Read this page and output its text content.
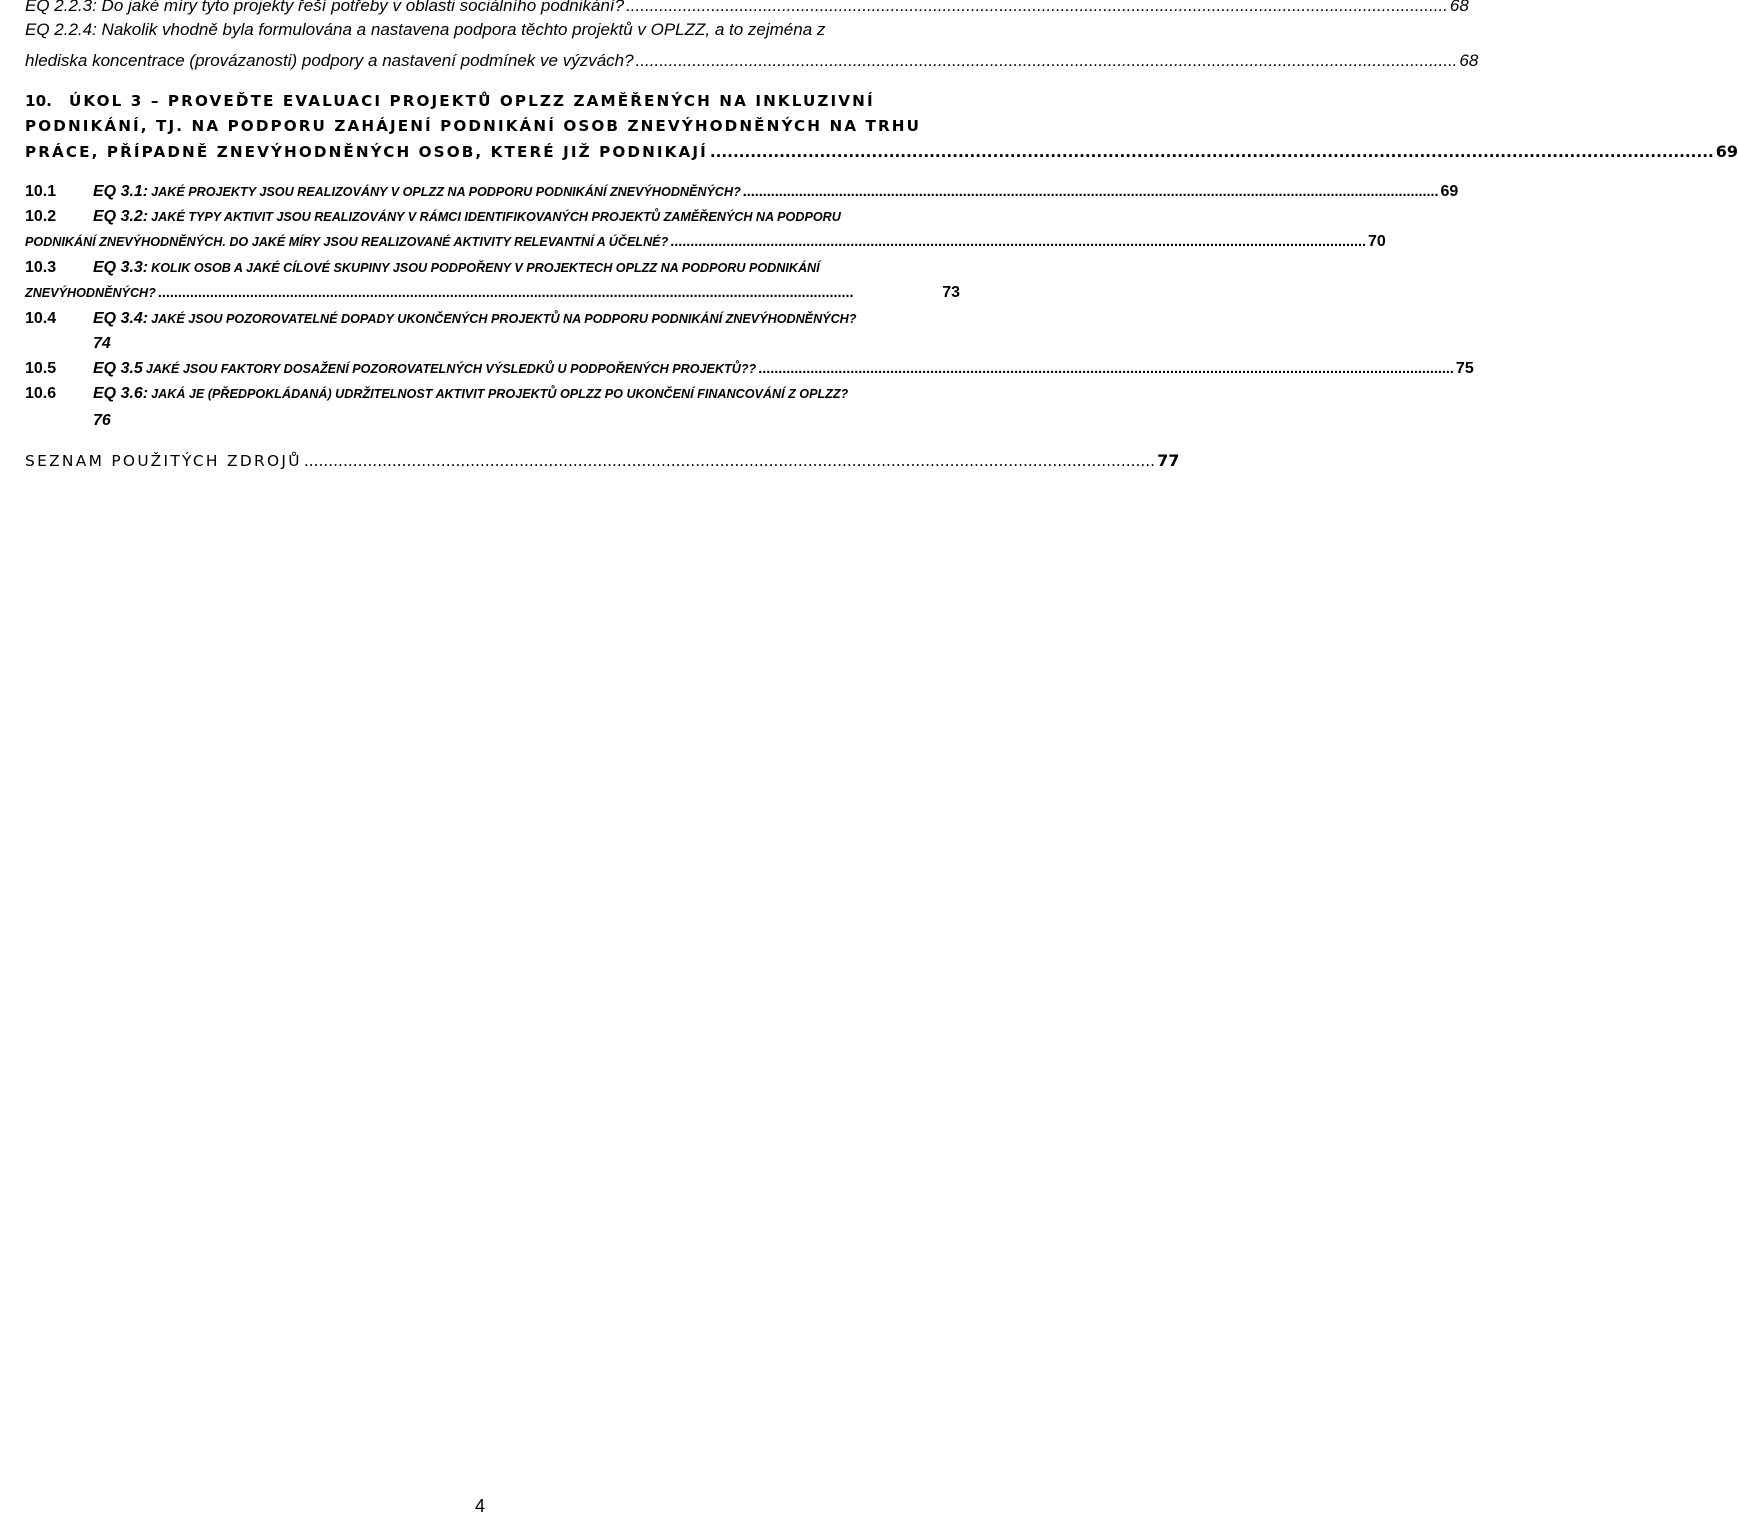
EQ 2.2.3: Do jaké míry tyto projekty řeší potřeby v oblasti sociálního podnikání? .............................................................................................................................................................................. 68
EQ 2.2.4: Nakolik vhodně byla formulována a nastavena podpora těchto projektů v OPLZZ, a to zejména z
hlediska koncentrace (provázanosti) podpory a nastavení podmínek ve výzvách? .............................................................................................................................................................................. 68
10. ÚKOL 3 – PROVEĎTE EVALUACI PROJEKTŮ OPLZZ ZAMĚŘENÝCH NA INKLUZIVNÍ
PODNIKÁNÍ, TJ. NA PODPORU ZAHÁJENÍ PODNIKÁNÍ OSOB ZNEVÝHODNĚNÝCH NA TRHU
PRÁCE, PŘÍPADNĚ ZNEVÝHODNĚNÝCH OSOB, KTERÉ JIŽ PODNIKAJÍ .............................................................................................................................................................................. 69
10.1 EQ 3.1: JAKÉ PROJEKTY JSOU REALIZOVÁNY V OPLZZ NA PODPORU PODNIKÁNÍ ZNEVÝHODNĚNÝCH? .............................................................................................................................................................................. 69
10.2 EQ 3.2: JAKÉ TYPY AKTIVIT JSOU REALIZOVÁNY V RÁMCI IDENTIFIKOVANÝCH PROJEKTŮ ZAMĚŘENÝCH NA PODPORU
PODNIKÁNÍ ZNEVÝHODNĚNÝCH. DO JAKÉ MÍRY JSOU REALIZOVANÉ AKTIVITY RELEVANTNÍ A ÚČELNÉ? .............................................................................................................................................................................. 70
10.3 EQ 3.3: KOLIK OSOB A JAKÉ CÍLOVÉ SKUPINY JSOU PODPOŘENY V PROJEKTECH OPLZZ NA PODPORU PODNIKÁNÍ
ZNEVÝHODNĚNÝCH? ..............................................................................................................................................................................	73
10.4 EQ 3.4: JAKÉ JSOU POZOROVATELNÉ DOPADY UKONČENÝCH PROJEKTŮ NA PODPORU PODNIKÁNÍ ZNEVÝHODNĚNÝCH?
74
10.5 EQ 3.5 JAKÉ JSOU FAKTORY DOSAŽENÍ POZOROVATELNÝCH VÝSLEDKŮ U PODPOŘENÝCH PROJEKTŮ?? .............................................................................................................................................................................. 75
10.6 EQ 3.6: JAKÁ JE (PŘEDPOKLÁDANÁ) UDRŽITELNOST AKTIVIT PROJEKTŮ OPLZZ PO UKONČENÍ FINANCOVÁNÍ Z OPLZZ?
76
SEZNAM POUŽITÝCH ZDROJŮ .............................................................................................................................................................................. 77
4
